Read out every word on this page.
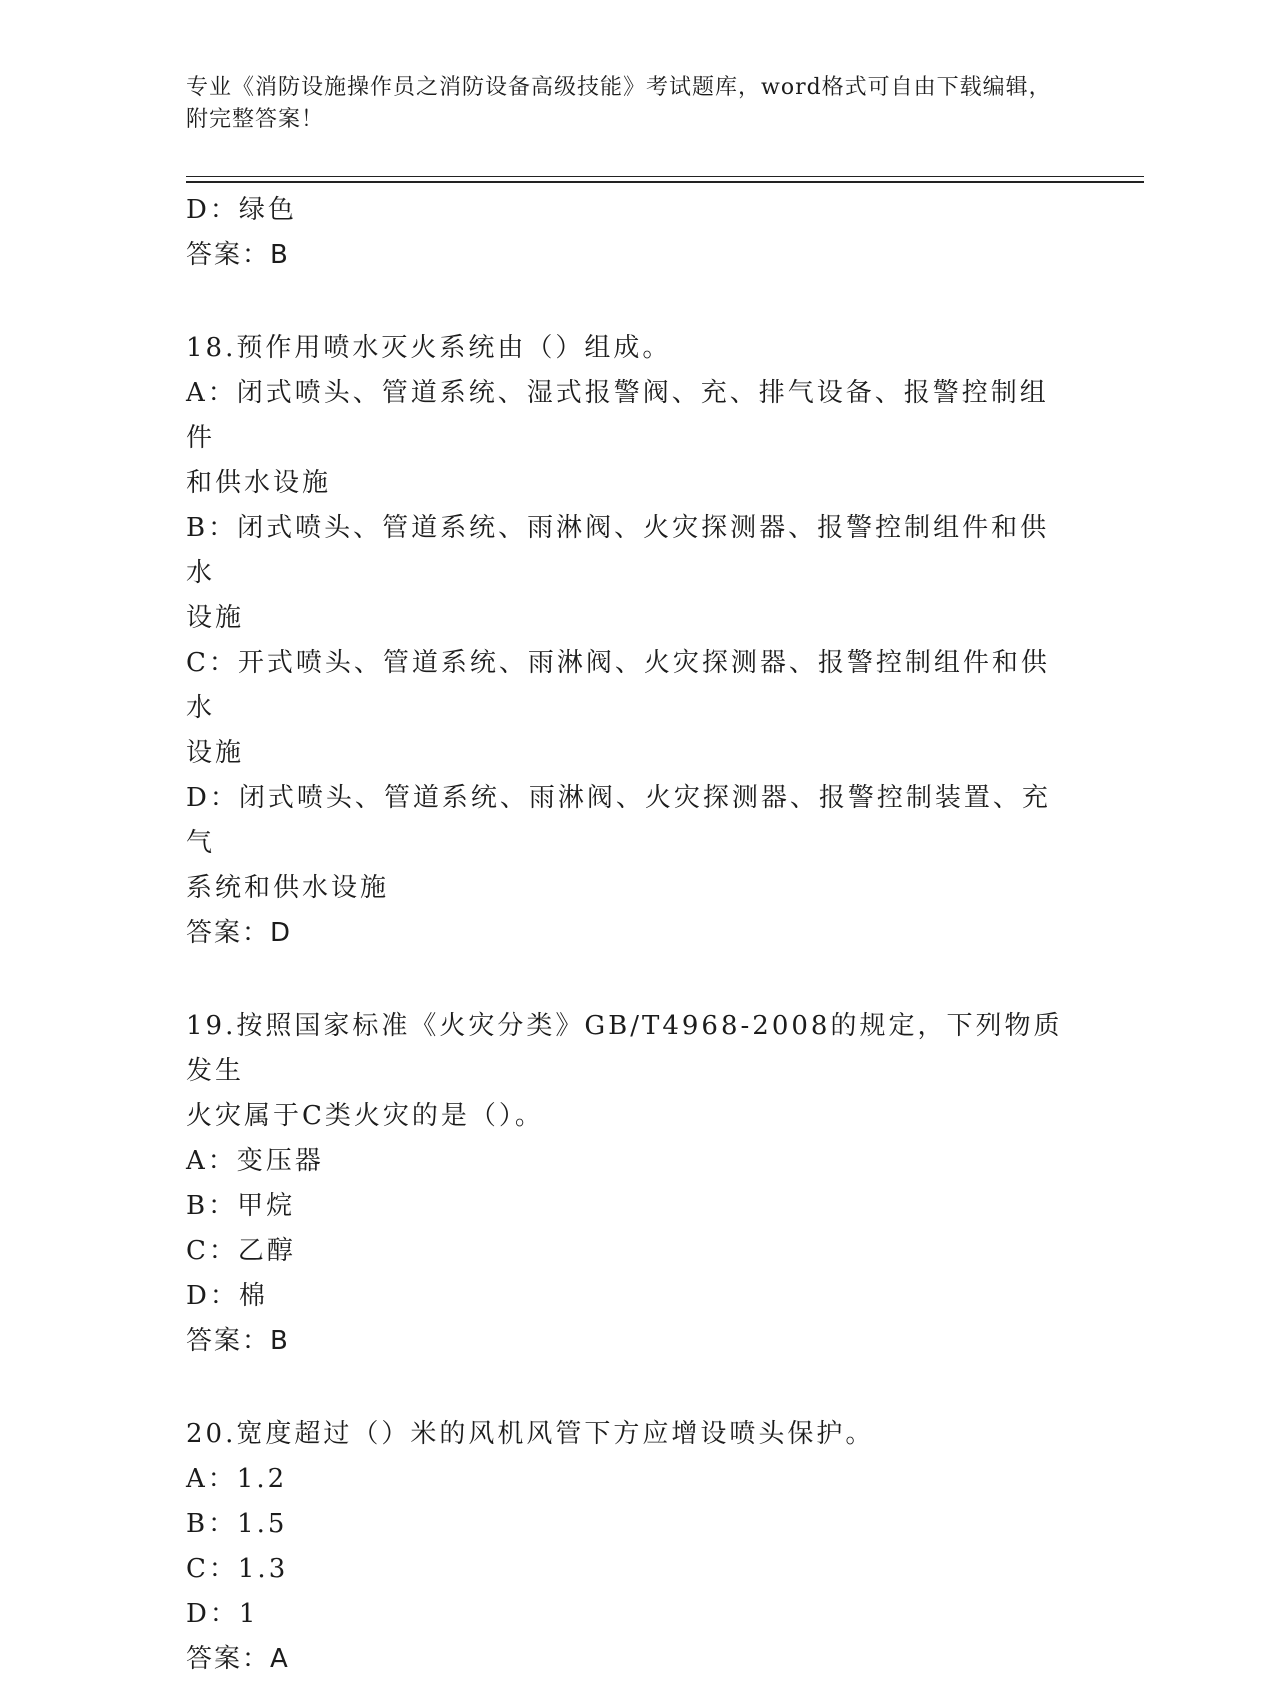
专业《消防设施操作员之消防设备高级技能》考试题库，word格式可自由下载编辑，附完整答案！
D：绿色
答案：B
18.预作用喷水灭火系统由（）组成。
A：闭式喷头、管道系统、湿式报警阀、充、排气设备、报警控制组件
和供水设施
B：闭式喷头、管道系统、雨淋阀、火灾探测器、报警控制组件和供水
设施
C：开式喷头、管道系统、雨淋阀、火灾探测器、报警控制组件和供水
设施
D：闭式喷头、管道系统、雨淋阀、火灾探测器、报警控制装置、充气
系统和供水设施
答案：D
19.按照国家标准《火灾分类》GB/T4968-2008的规定，下列物质发生
火灾属于C类火灾的是（）。
A：变压器
B：甲烷
C：乙醇
D：棉
答案：B
20.宽度超过（）米的风机风管下方应增设喷头保护。
A：1.2
B：1.5
C：1.3
D：1
答案：A
